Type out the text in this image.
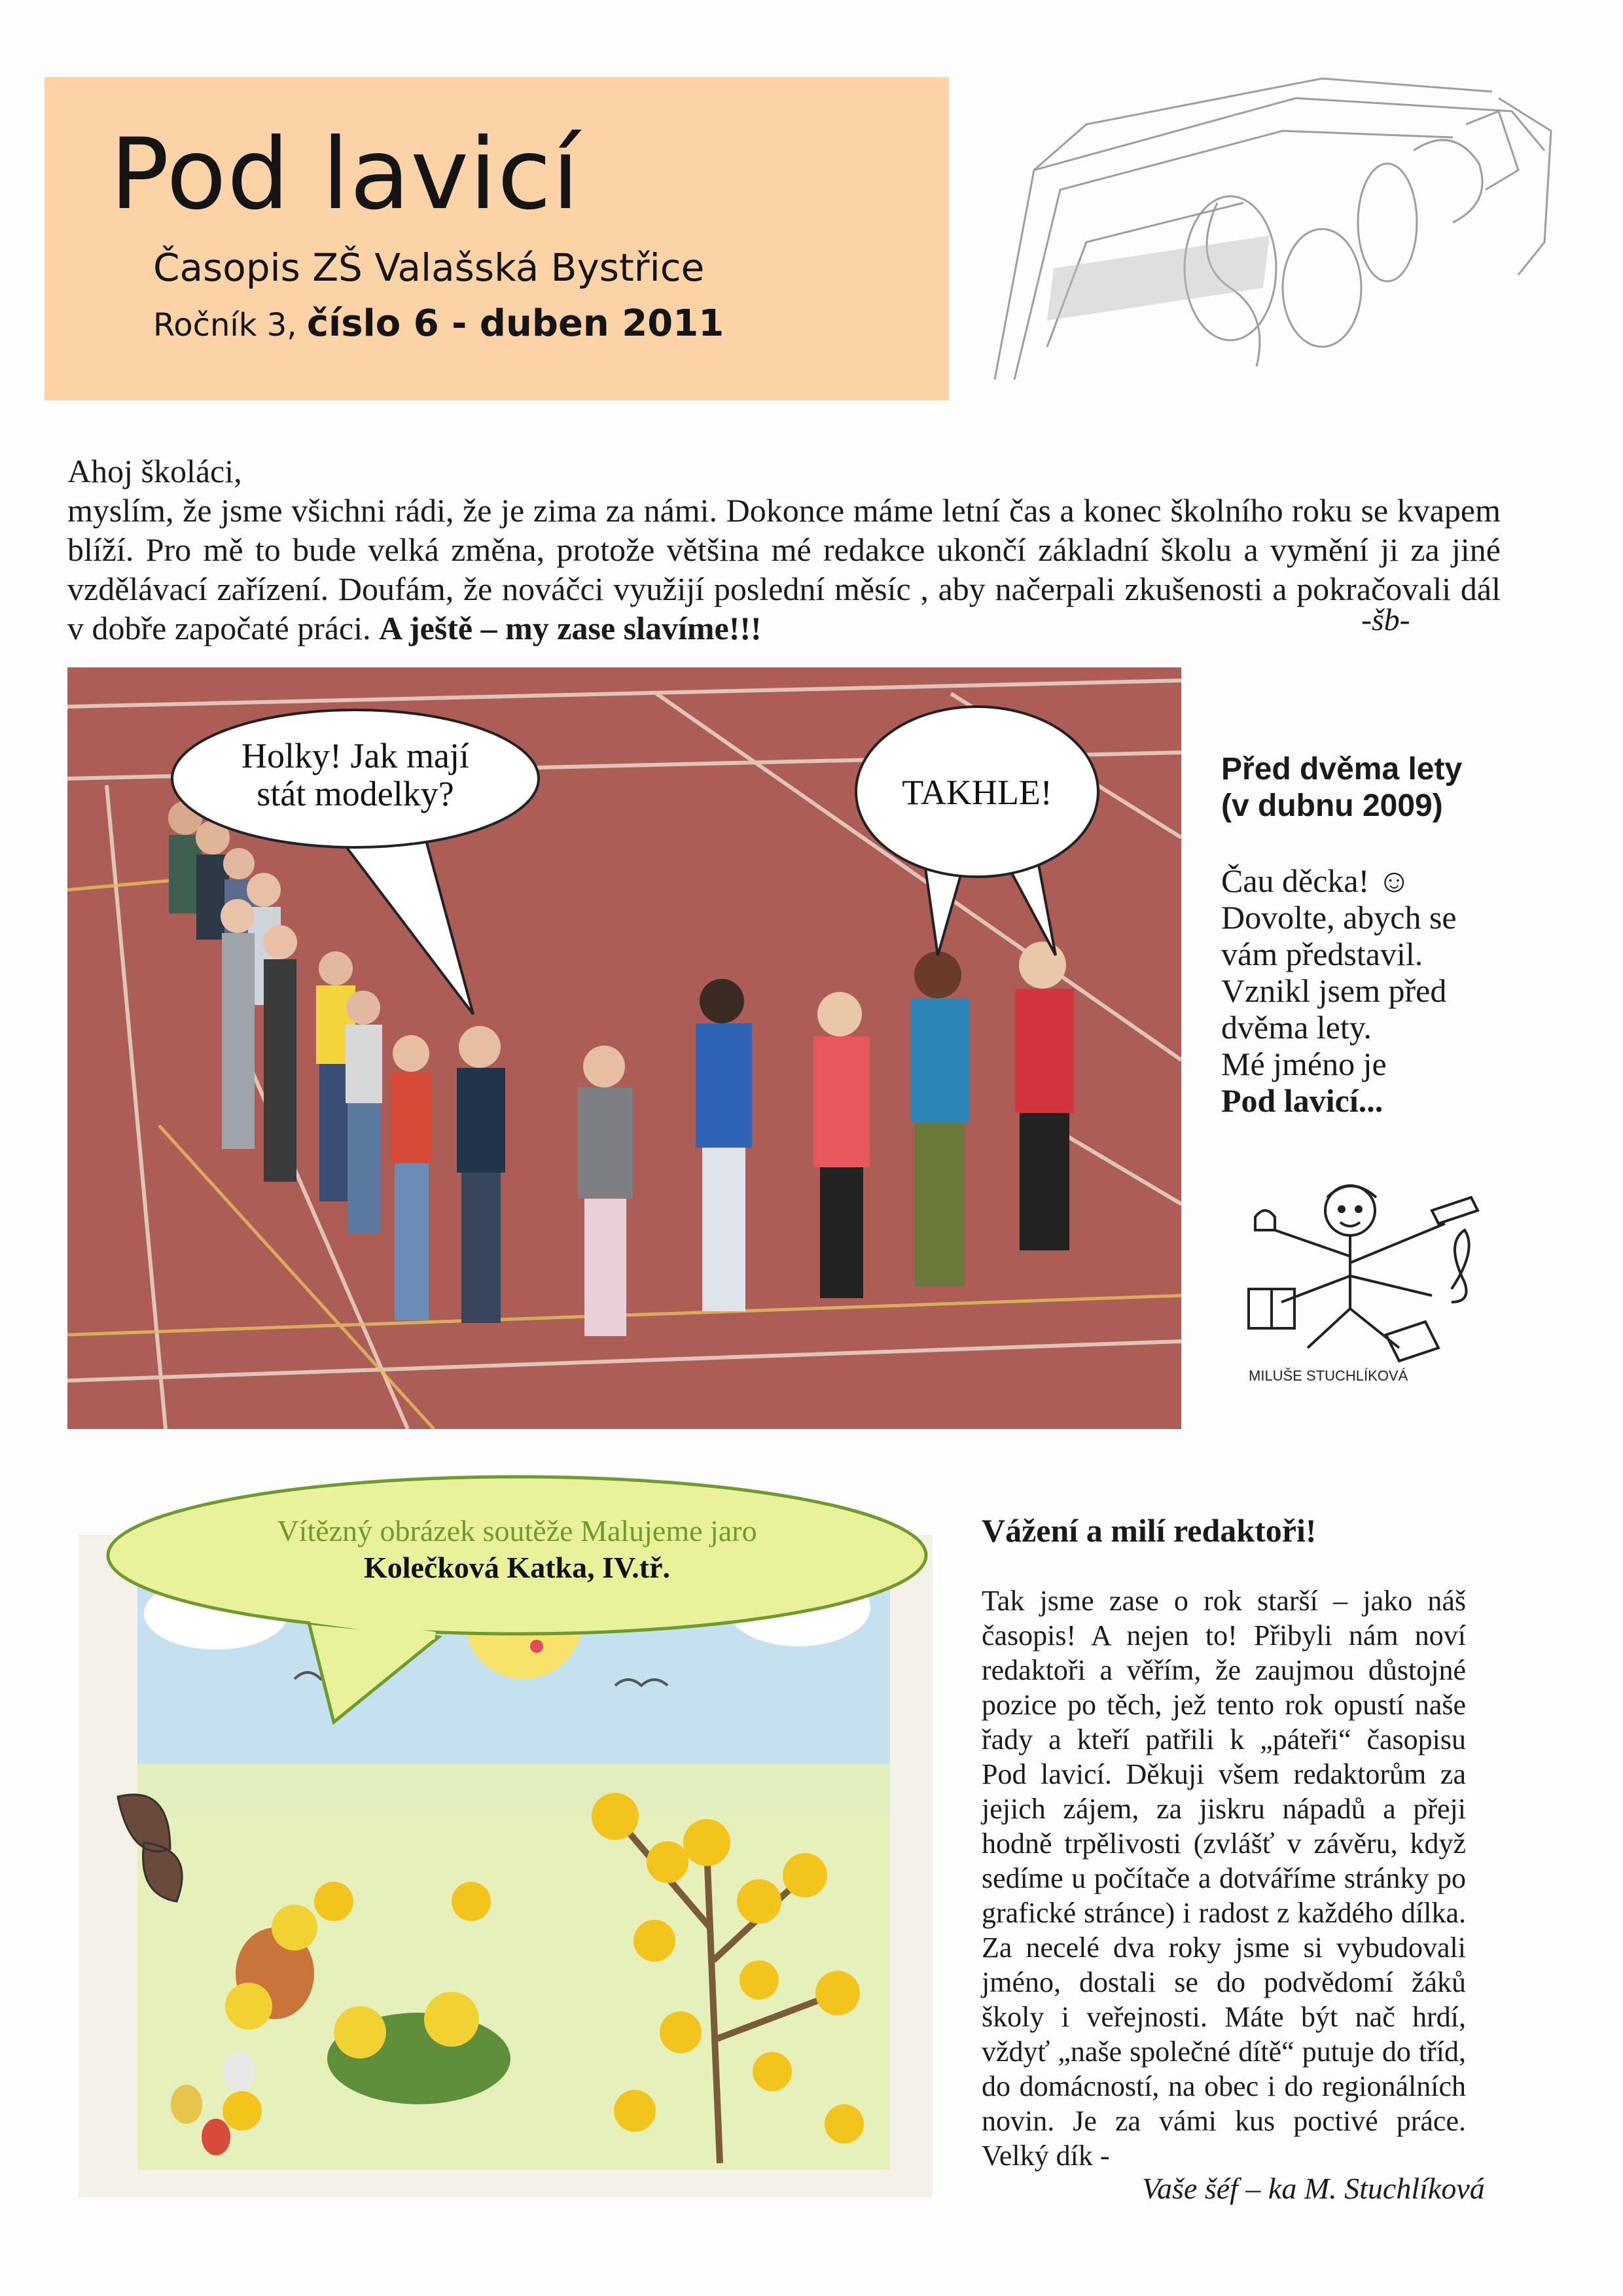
Pod lavicí
Časopis ZŠ Valašská Bystřice
Ročník 3, číslo 6 - duben 2011

Ahoj školáci,

myslím, že jsme všichni rádi, že je zima za námi. Dokonce máme letní čas a konec školního roku se kvapem blíží. Pro mě to bude velká změna, protože většina mé redakce ukončí základní školu a vymění ji za jiné vzdělávací zařízení. Doufám, že nováčci využijí poslední měsíc , aby načerpali zkušenosti a pokračovali dál v dobře započaté práci. A ještě – my zase slavíme!!!	-šb-
Holky! Jak mají
stát modelky?	TAKHLE!
Před dvěma lety
(v dubnu 2009)
Čau děcka! ☺
Dovolte, abych se
vám představil.
Vznikl jsem před
dvěma lety.
Mé jméno je
Pod lavicí...
MILUŠE STUCHLÍKOVÁ
Vítězný obrázek soutěže Malujeme jaro
Kolečková Katka, IV.tř.
Vážení a milí redaktoři!

Tak jsme zase o rok starší – jako náš časopis! A nejen to! Přibyli nám noví redaktoři a věřím, že zaujmou důstojné pozice po těch, jež tento rok opustí naše řady a kteří patřili k „páteři“ časopisu Pod lavicí. Děkuji všem redaktorům za jejich zájem, za jiskru nápadů a přeji hodně trpělivosti (zvlášť v závěru, když sedíme u počítače a dotváříme stránky po grafické stránce) i radost z každého dílka. Za necelé dva roky jsme si vybudovali jméno, dostali se do podvědomí žáků školy i veřejnosti. Máte být nač hrdí, vždyť „naše společné dítě“ putuje do tříd, do domácností, na obec i do regionálních novin. Je za vámi kus poctivé práce. Velký dík -

Vaše šéf – ka M. Stuchlíková
